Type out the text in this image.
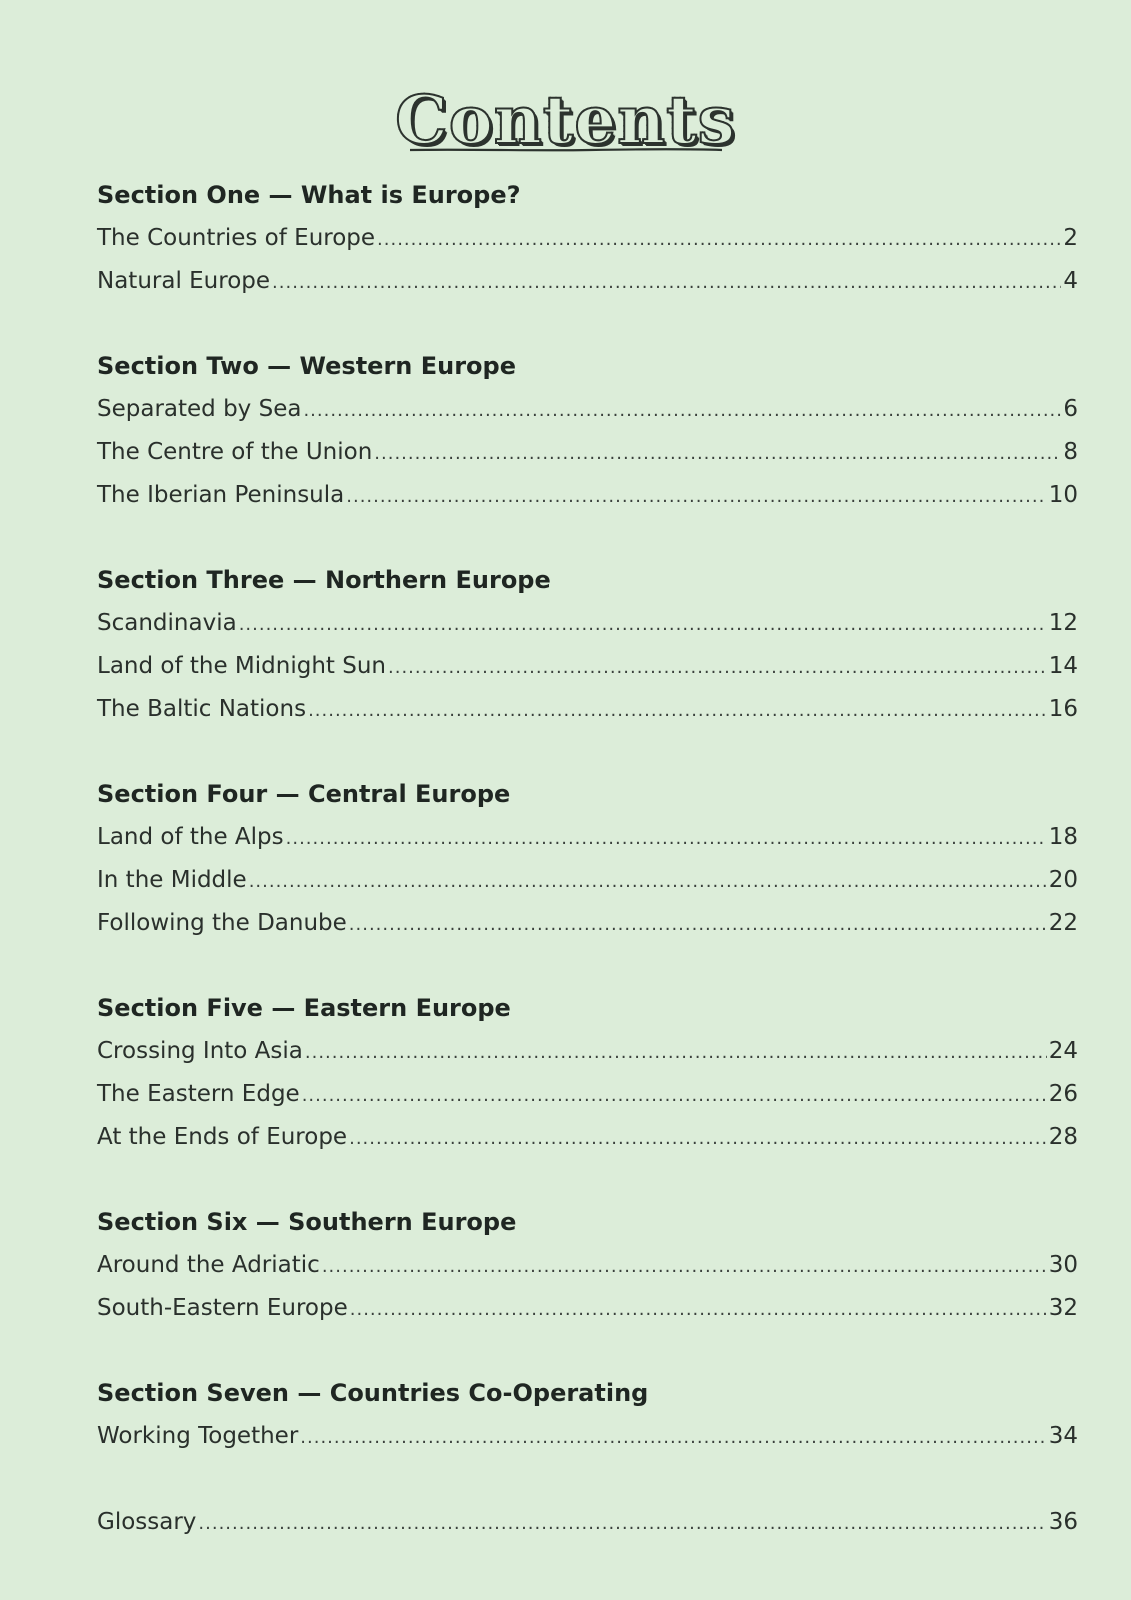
Contents
Section One — What is Europe?
The Countries of Europe .....	2
Natural Europe .....	4
Section Two — Western Europe
Separated by Sea .....	6
The Centre of the Union .....	8
The Iberian Peninsula .....	10
Section Three — Northern Europe
Scandinavia .....	12
Land of the Midnight Sun .....	14
The Baltic Nations .....	16
Section Four — Central Europe
Land of the Alps .....	18
In the Middle .....	20
Following the Danube .....	22
Section Five — Eastern Europe
Crossing Into Asia .....	24
The Eastern Edge .....	26
At the Ends of Europe .....	28
Section Six — Southern Europe
Around the Adriatic .....	30
South-Eastern Europe .....	32
Section Seven — Countries Co-Operating
Working Together .....	34
Glossary .....	36
